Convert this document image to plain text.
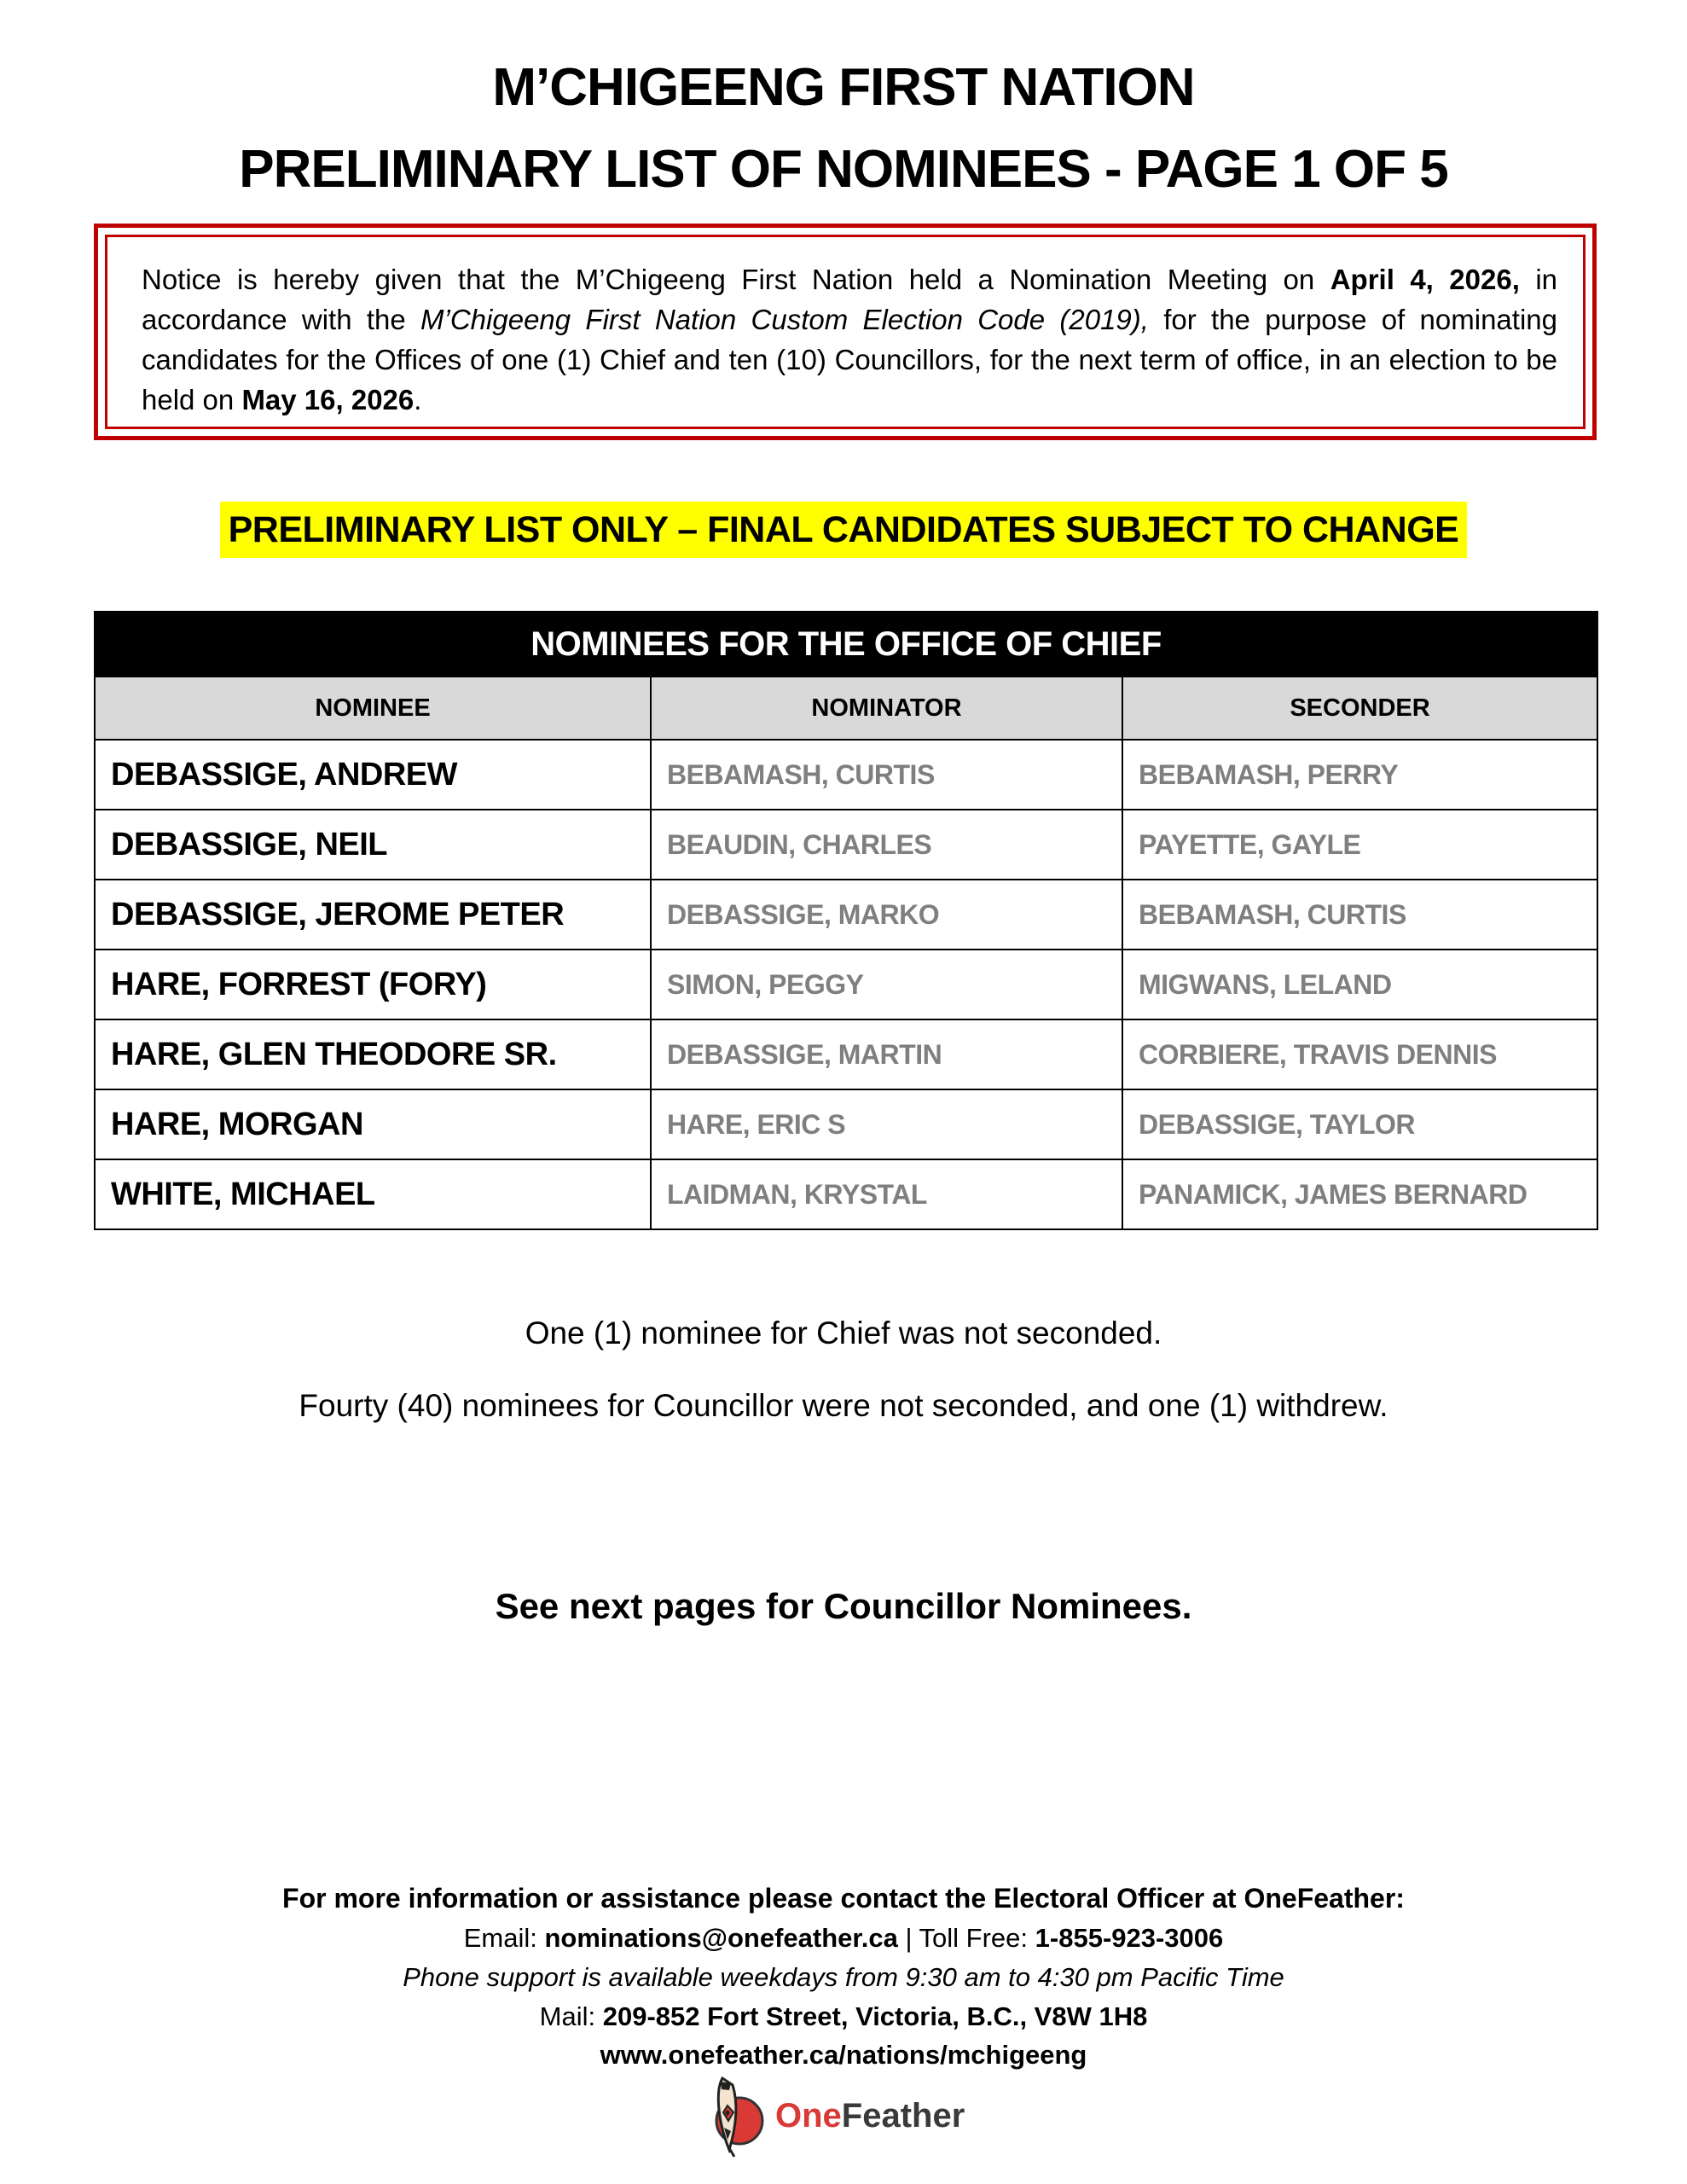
M’CHIGEENG FIRST NATION
PRELIMINARY LIST OF NOMINEES - PAGE 1 OF 5
Notice is hereby given that the M’Chigeeng First Nation held a Nomination Meeting on April 4, 2026, in accordance with the M’Chigeeng First Nation Custom Election Code (2019), for the purpose of nominating candidates for the Offices of one (1) Chief and ten (10) Councillors, for the next term of office, in an election to be held on May 16, 2026.
PRELIMINARY LIST ONLY – FINAL CANDIDATES SUBJECT TO CHANGE
NOMINEES FOR THE OFFICE OF CHIEF		
NOMINEE	NOMINATOR	SECONDER
DEBASSIGE, ANDREW	BEBAMASH, CURTIS	BEBAMASH, PERRY
DEBASSIGE, NEIL	BEAUDIN, CHARLES	PAYETTE, GAYLE
DEBASSIGE, JEROME PETER	DEBASSIGE, MARKO	BEBAMASH, CURTIS
HARE, FORREST (FORY)	SIMON, PEGGY	MIGWANS, LELAND
HARE, GLEN THEODORE SR.	DEBASSIGE, MARTIN	CORBIERE, TRAVIS DENNIS
HARE, MORGAN	HARE, ERIC S	DEBASSIGE, TAYLOR
WHITE, MICHAEL	LAIDMAN, KRYSTAL	PANAMICK, JAMES BERNARD
One (1) nominee for Chief was not seconded.
Fourty (40) nominees for Councillor were not seconded, and one (1) withdrew.
See next pages for Councillor Nominees.
For more information or assistance please contact the Electoral Officer at OneFeather:
Email: nominations@onefeather.ca | Toll Free: 1-855-923-3006
Phone support is available weekdays from 9:30 am to 4:30 pm Pacific Time
Mail: 209-852 Fort Street, Victoria, B.C., V8W 1H8
www.onefeather.ca/nations/mchigeeng
OneFeather
